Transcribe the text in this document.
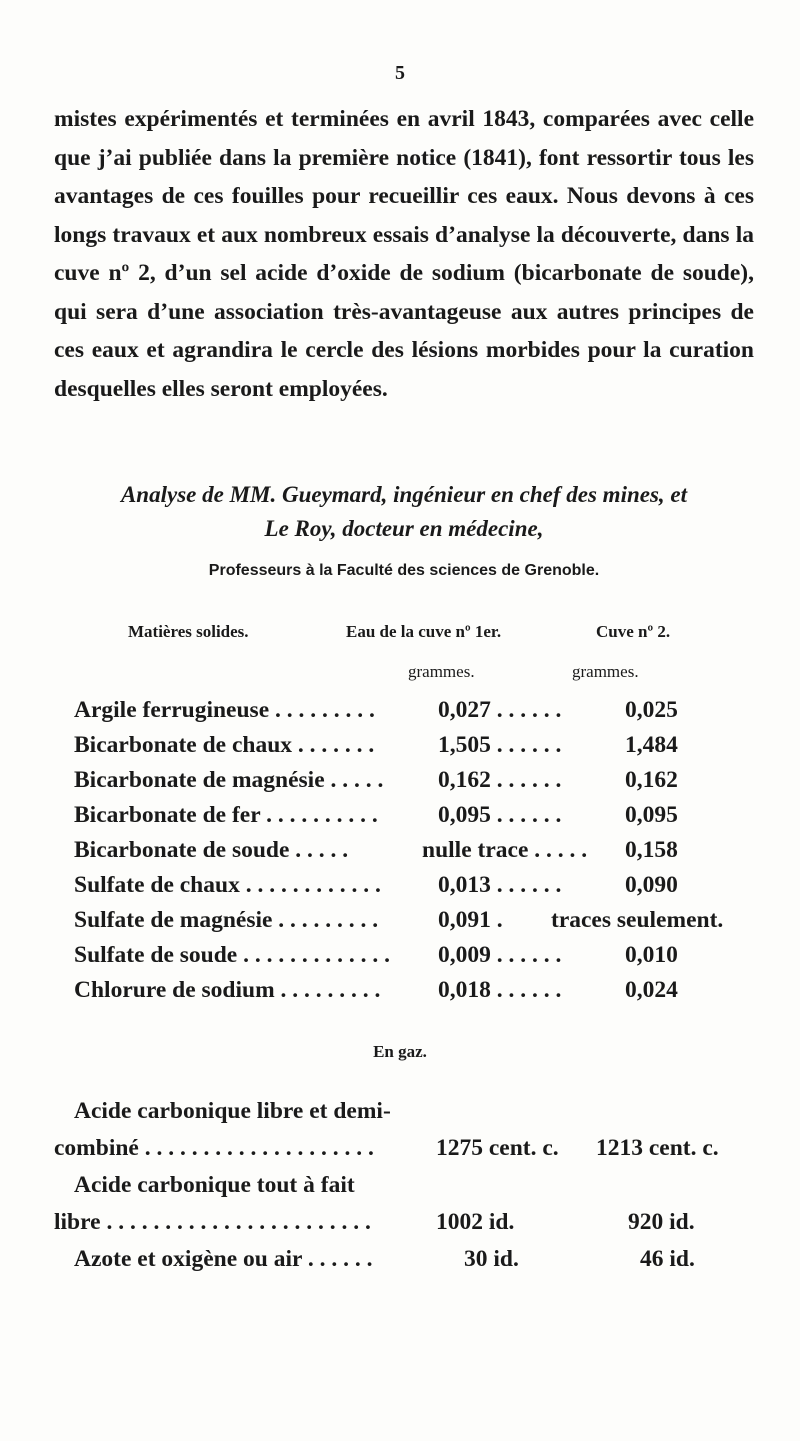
5

mistes expérimentés et terminées en avril 1843, comparées avec celle que j’ai publiée dans la première notice (1841), font ressortir tous les avantages de ces fouilles pour recueillir ces eaux. Nous devons à ces longs travaux et aux nombreux essais d’analyse la découverte, dans la cuve nº 2, d’un sel acide d’oxide de sodium (bicarbonate de soude), qui sera d’une association très-avantageuse aux autres principes de ces eaux et agrandira le cercle des lésions morbides pour la curation desquelles elles seront employées.

Analyse de MM. Gueymard, ingénieur en chef des mines, et
Le Roy, docteur en médecine,
Professeurs à la Faculté des sciences de Grenoble.
Matières solides.	Eau de la cuve nº 1er.	Cuve nº 2.
grammes.	grammes.
Argile ferrugineuse . . . . . . . . .	0,027 . . . . . .	0,025
Bicarbonate de chaux . . . . . . .	1,505 . . . . . .	1,484
Bicarbonate de magnésie . . . . . 0,162 . . . . . .	0,162
Bicarbonate de fer . . . . . . . . . .	0,095 . . . . . .	0,095
Bicarbonate de soude . . . . .	nulle trace . . . . . 0,158
Sulfate de chaux . . . . . . . . . . . . 0,013 . . . . . .	0,090
Sulfate de magnésie . . . . . . . . .	0,091 . traces seulement.
Sulfate de soude . . . . . . . . . . . . . 0,009 . . . . . .	0,010
Chlorure de sodium . . . . . . . . . 0,018 . . . . . .	0,024
En gaz.
Acide carbonique libre et demi-
combiné . . . . . . . . . . . . . . . . . . . .	1275 cent. c. 1213 cent. c.
Acide carbonique tout à fait
libre . . . . . . . . . . . . . . . . . . . . . . .	1002 id.	920 id.
Azote et oxigène ou air . . . . . .	30 id.	46 id.
